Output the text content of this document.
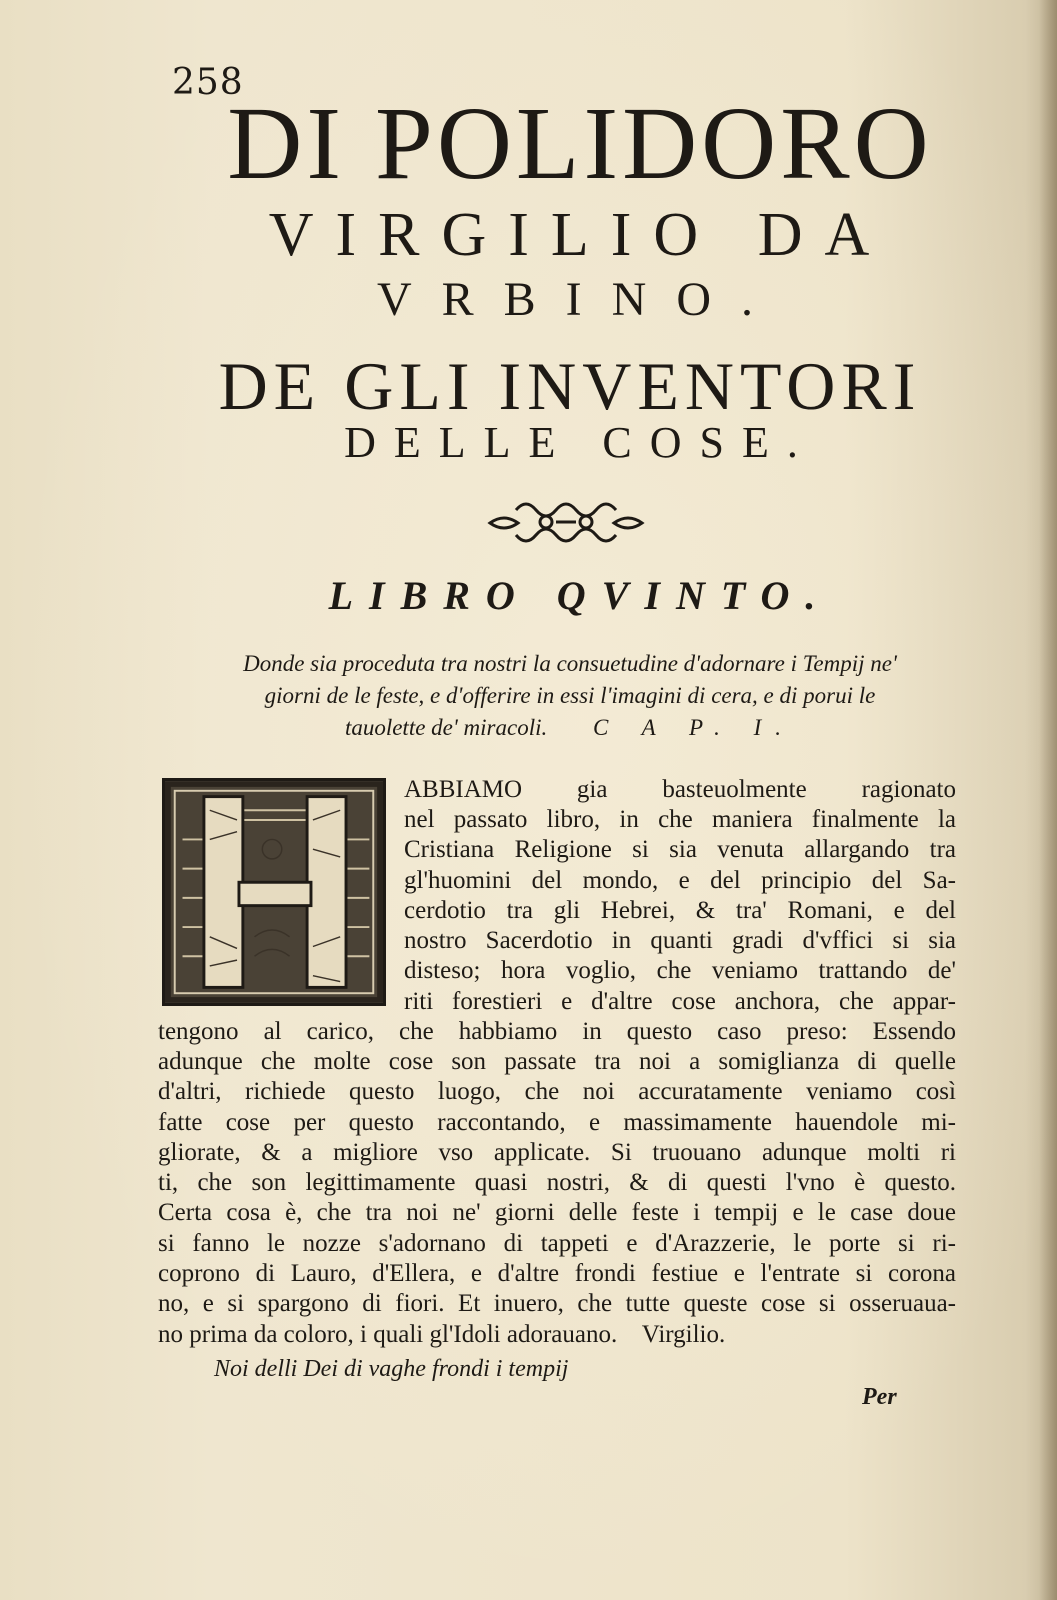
258
DI POLIDORO
VIRGILIO DA
VRBINO.
DE GLI INVENTORI
DELLE COSE.
LIBRO QVINTO.
Donde sia proceduta tra nostri la consuetudine d'adornare i Tempij ne'
giorni de le feste, e d'offerire in essi l'imagini di cera, e di porui le
tauolette de' miracoli. C A P. I.
ABBIAMO gia basteuolmente ragionato
nel passato libro, in che maniera finalmente la
Cristiana Religione si sia venuta allargando tra
gl'huomini del mondo, e del principio del Sa-
cerdotio tra gli Hebrei, & tra' Romani, e del
nostro Sacerdotio in quanti gradi d'vffici si sia
disteso; hora voglio, che veniamo trattando de'
riti forestieri e d'altre cose anchora, che appar-
tengono al carico, che habbiamo in questo caso preso: Essendo
adunque che molte cose son passate tra noi a somiglianza di quelle
d'altri, richiede questo luogo, che noi accuratamente veniamo così
fatte cose per questo raccontando, e massimamente hauendole mi-
gliorate, & a migliore vso applicate. Si truouano adunque molti ri
ti, che son legittimamente quasi nostri, & di questi l'vno è questo.
Certa cosa è, che tra noi ne' giorni delle feste i tempij e le case doue
si fanno le nozze s'adornano di tappeti e d'Arazzerie, le porte si ri-
coprono di Lauro, d'Ellera, e d'altre frondi festiue e l'entrate si corona
no, e si spargono di fiori. Et inuero, che tutte queste cose si osseruaua-
no prima da coloro, i quali gl'Idoli adorauano.    Virgilio.
Noi delli Dei di vaghe frondi i tempij
Per
